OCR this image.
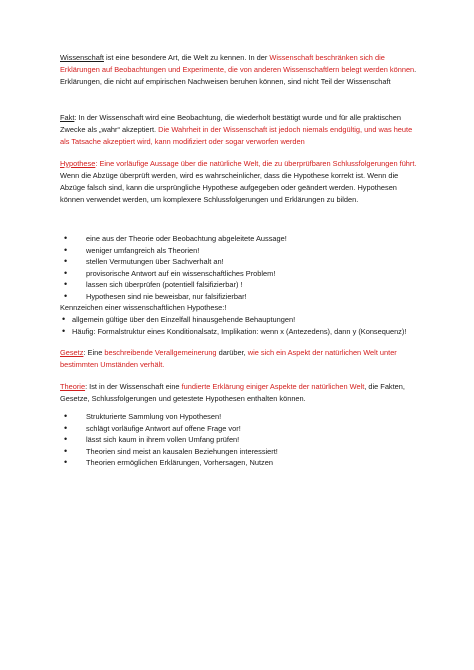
Wissenschaft ist eine besondere Art, die Welt zu kennen. In der Wissenschaft beschränken sich die Erklärungen auf Beobachtungen und Experimente, die von anderen Wissenschaftlern belegt werden können. Erklärungen, die nicht auf empirischen Nachweisen beruhen können, sind nicht Teil der Wissenschaft

Fakt: In der Wissenschaft wird eine Beobachtung, die wiederholt bestätigt wurde und für alle praktischen Zwecke als „wahr“ akzeptiert. Die Wahrheit in der Wissenschaft ist jedoch niemals endgültig, und was heute als Tatsache akzeptiert wird, kann modifiziert oder sogar verworfen werden

Hypothese: Eine vorläufige Aussage über die natürliche Welt, die zu überprüfbaren Schlussfolgerungen führt. Wenn die Abzüge überprüft werden, wird es wahrscheinlicher, dass die Hypothese korrekt ist. Wenn die Abzüge falsch sind, kann die ursprüngliche Hypothese aufgegeben oder geändert werden. Hypothesen können verwendet werden, um komplexere Schlussfolgerungen und Erklärungen zu bilden.

•	eine aus der Theorie oder Beobachtung abgeleitete Aussage!
•	weniger umfangreich als Theorien!
•	stellen Vermutungen über Sachverhalt an!
•	provisorische Antwort auf ein wissenschaftliches Problem!
•	lassen sich überprüfen (potentiell falsifizierbar) !
•	Hypothesen sind nie beweisbar, nur falsifizierbar!

Kennzeichen einer wissenschaftlichen Hypothese:!

• allgemein gültige über den Einzelfall hinausgehende Behauptungen!
• Häufig: Formalstruktur eines Konditionalsatz, Implikation: wenn x (Antezedens), dann y (Konsequenz)!

Gesetz: Eine beschreibende Verallgemeinerung darüber, wie sich ein Aspekt der natürlichen Welt unter bestimmten Umständen verhält.

Theorie: Ist in der Wissenschaft eine fundierte Erklärung einiger Aspekte der natürlichen Welt, die Fakten, Gesetze, Schlussfolgerungen und getestete Hypothesen enthalten können.

•	Strukturierte Sammlung von Hypothesen!
•	schlägt vorläufige Antwort auf offene Frage vor!
•	lässt sich kaum in ihrem vollen Umfang prüfen!
•	Theorien sind meist an kausalen Beziehungen interessiert!
•	Theorien ermöglichen Erklärungen, Vorhersagen, Nutzen
